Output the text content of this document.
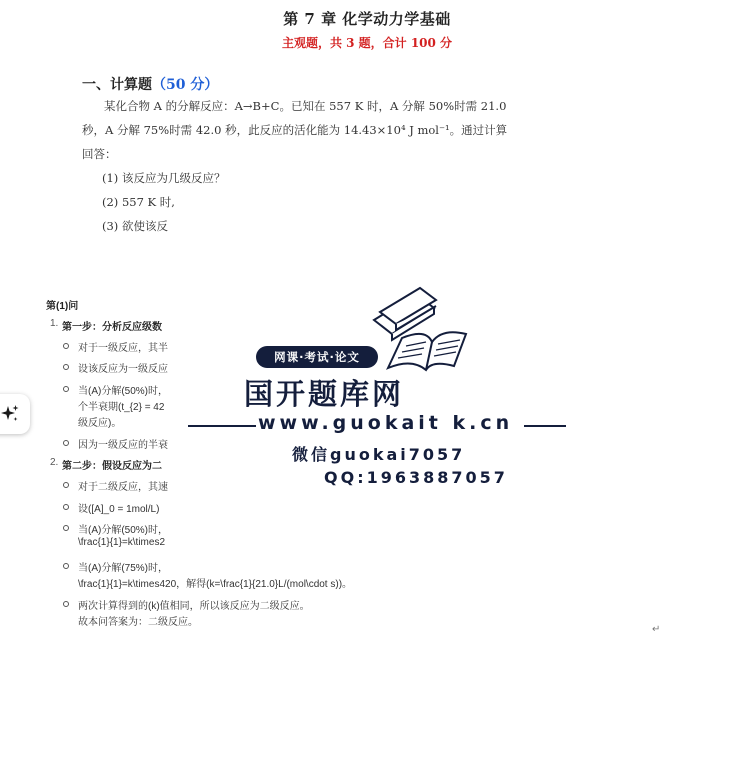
第 7 章 化学动力学基础
主观题，共 3 题，合计 100 分
一、计算题（50 分）
某化合物 A 的分解反应：A→B+C。已知在 557 K 时，A 分解 50%时需 21.0
秒，A 分解 75%时需 42.0 秒，此反应的活化能为 14.43×10⁴ J mol⁻¹。通过计算
回答：
(1) 该反应为几级反应？
(2) 557 K 时,
(3) 欲使该反
第(1)问
1. 第一步：分析反应级数
对于一级反应，其半
设该反应为一级反应
当(A)分解(50%)时，
个半衰期(t_{2} = 42
级反应)。
因为一级反应的半衰
2. 第二步：假设反应为二
对于二级反应，其速
设([A]_0 = 1mol/L)
当(A)分解(50%)时，
\frac{1}{1}=k\times2
当(A)分解(75%)时，
\frac{1}{1}=k\times420，解得(k=\frac{1}{21.0}L/(mol\cdot s))。
两次计算得到的(k)值相同，所以该反应为二级反应。
故本问答案为：二级反应。
↵
网课·考试·论文
国开题库网
www.guokait k.cn
微信guokai7057
QQ:1963887057
